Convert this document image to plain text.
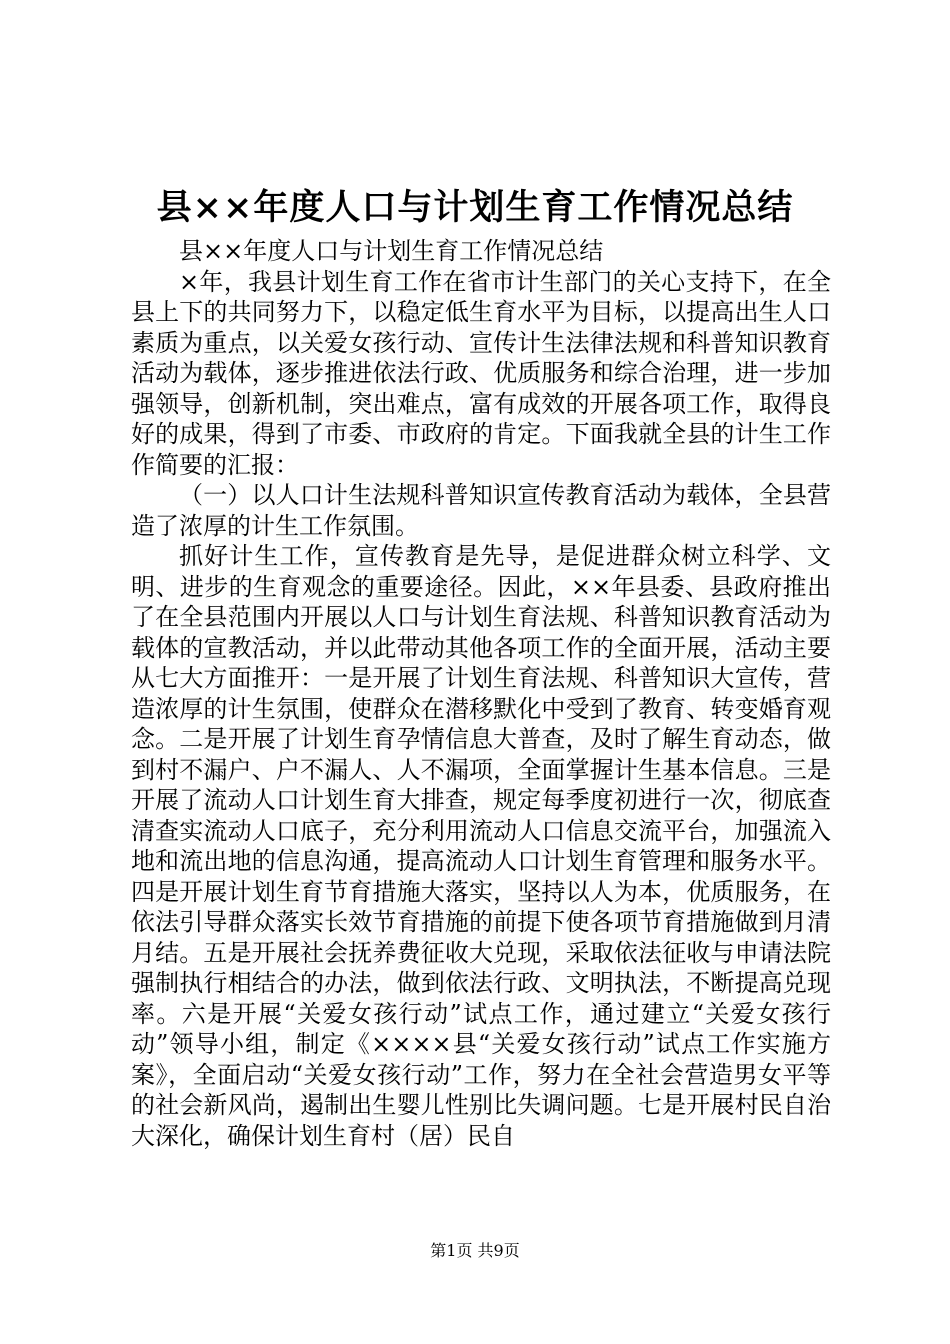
县××年度人口与计划生育工作情况总结

县××年度人口与计划生育工作情况总结

×年，我县计划生育工作在省市计生部门的关心支持下，在全县上下的共同努力下，以稳定低生育水平为目标，以提高出生人口素质为重点，以关爱女孩行动、宣传计生法律法规和科普知识教育活动为载体，逐步推进依法行政、优质服务和综合治理，进一步加强领导，创新机制，突出难点，富有成效的开展各项工作，取得良好的成果，得到了市委、市政府的肯定。下面我就全县的计生工作作简要的汇报：

（一）以人口计生法规科普知识宣传教育活动为载体，全县营造了浓厚的计生工作氛围。

抓好计生工作，宣传教育是先导，是促进群众树立科学、文明、进步的生育观念的重要途径。因此，××年县委、县政府推出了在全县范围内开展以人口与计划生育法规、科普知识教育活动为载体的宣教活动，并以此带动其他各项工作的全面开展，活动主要从七大方面推开：一是开展了计划生育法规、科普知识大宣传，营造浓厚的计生氛围，使群众在潜移默化中受到了教育、转变婚育观念。二是开展了计划生育孕情信息大普查，及时了解生育动态，做到村不漏户、户不漏人、人不漏项，全面掌握计生基本信息。三是开展了流动人口计划生育大排查，规定每季度初进行一次，彻底查清查实流动人口底子，充分利用流动人口信息交流平台，加强流入地和流出地的信息沟通，提高流动人口计划生育管理和服务水平。四是开展计划生育节育措施大落实，坚持以人为本，优质服务，在依法引导群众落实长效节育措施的前提下使各项节育措施做到月清月结。五是开展社会抚养费征收大兑现，采取依法征收与申请法院强制执行相结合的办法，做到依法行政、文明执法，不断提高兑现率。六是开展“关爱女孩行动”试点工作，通过建立“关爱女孩行动”领导小组，制定《××××县“关爱女孩行动”试点工作实施方案》，全面启动“关爱女孩行动”工作，努力在全社会营造男女平等的社会新风尚，遏制出生婴儿性别比失调问题。七是开展村民自治大深化，确保计划生育村（居）民自

第1页 共9页
